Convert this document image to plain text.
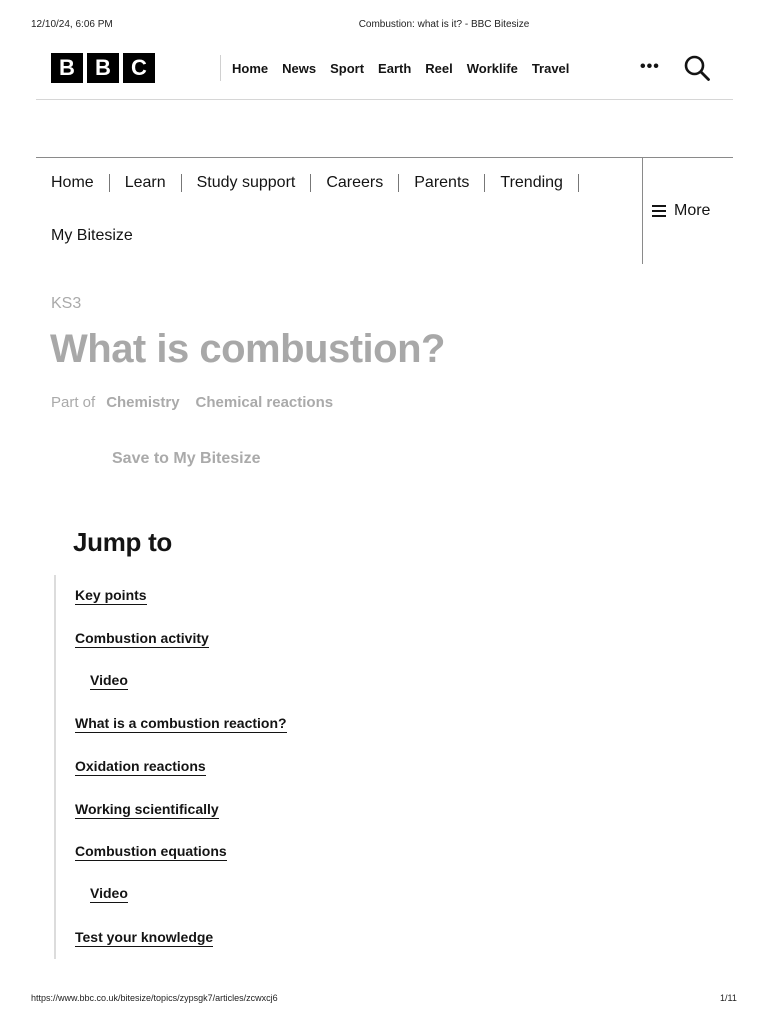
12/10/24, 6:06 PM	Combustion: what is it? - BBC Bitesize
B B C	Home News Sport Earth Reel Worklife Travel	•••
Home Learn Study support Careers Parents Trending
My Bitesize
More
KS3
What is combustion?
Part of Chemistry Chemical reactions
Save to My Bitesize
Jump to
Key points
Combustion activity
Video
What is a combustion reaction?
Oxidation reactions
Working scientifically
Combustion equations
Video
Test your knowledge
https://www.bbc.co.uk/bitesize/topics/zypsgk7/articles/zcwxcj6	1/11
